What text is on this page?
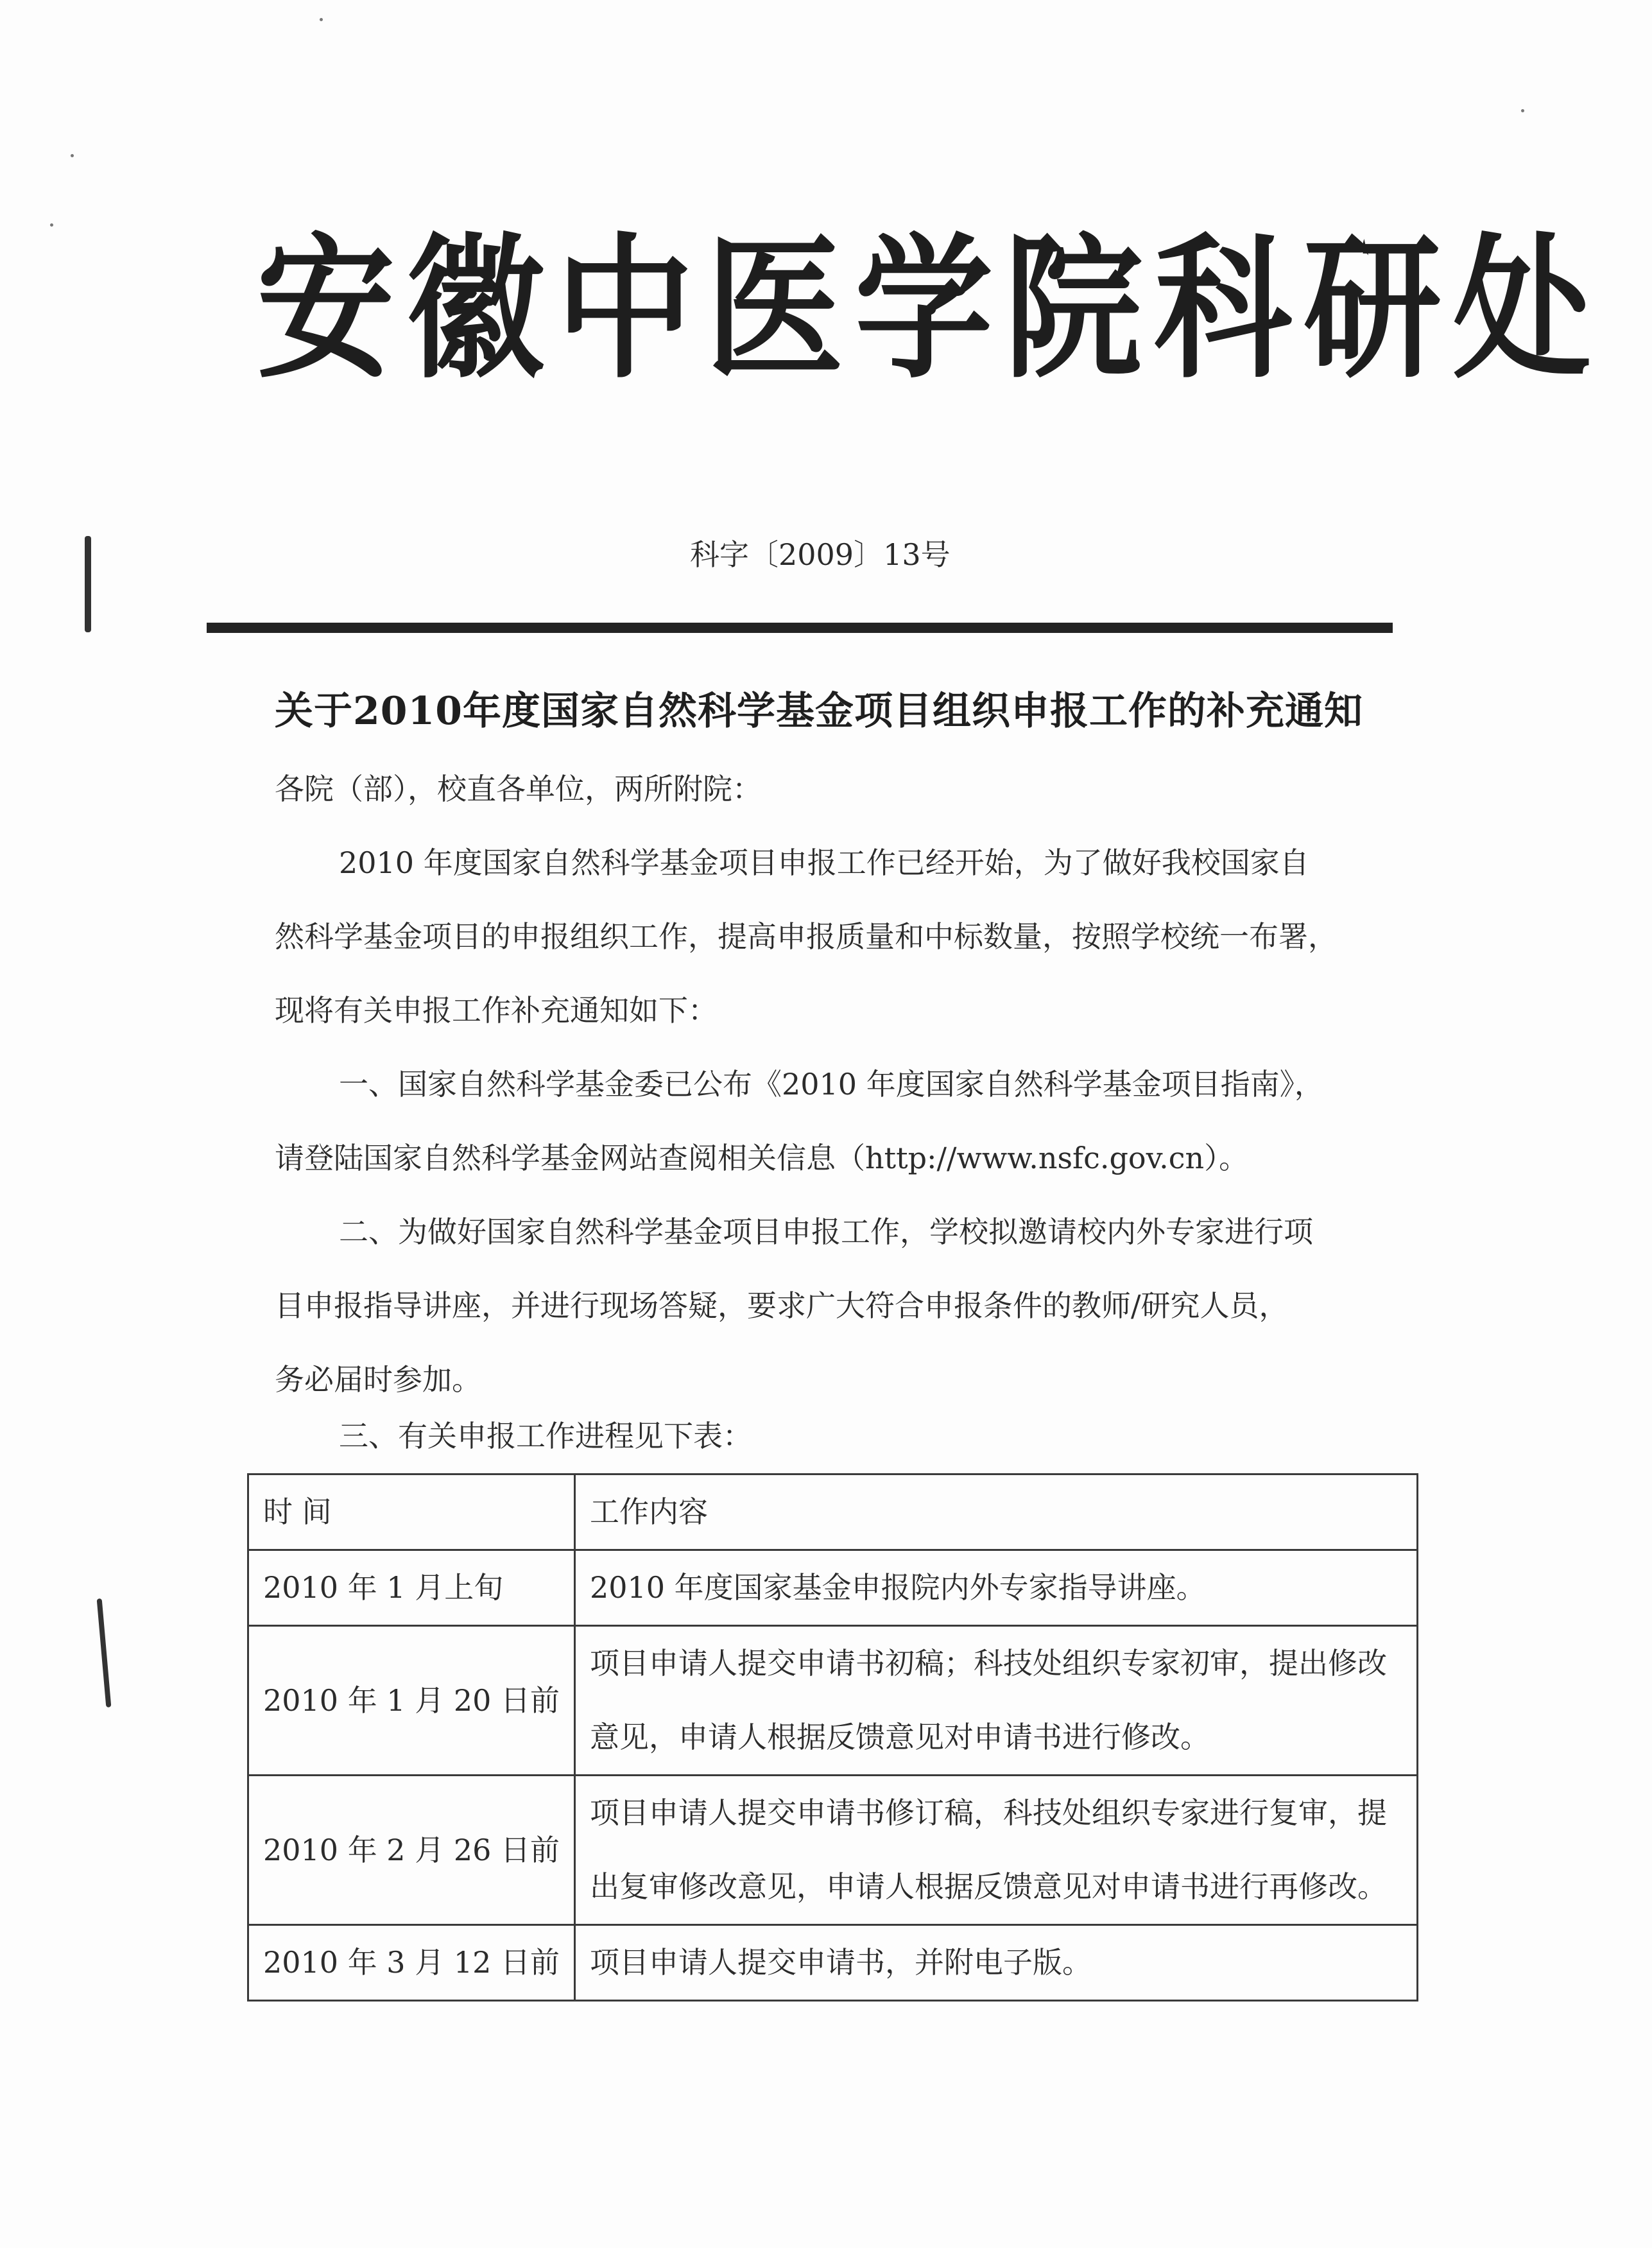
安徽中医学院科研处
科字〔2009〕13号
关于2010年度国家自然科学基金项目组织申报工作的补充通知
各院（部），校直各单位，两所附院：
2010 年度国家自然科学基金项目申报工作已经开始，为了做好我校国家自
然科学基金项目的申报组织工作，提高申报质量和中标数量，按照学校统一布署，
现将有关申报工作补充通知如下：
一、国家自然科学基金委已公布《2010 年度国家自然科学基金项目指南》，
请登陆国家自然科学基金网站查阅相关信息（http://www.nsfc.gov.cn）。
二、为做好国家自然科学基金项目申报工作，学校拟邀请校内外专家进行项
目申报指导讲座，并进行现场答疑，要求广大符合申报条件的教师/研究人员，
务必届时参加。
三、有关申报工作进程见下表：
时 间	工作内容
2010 年 1 月上旬	2010 年度国家基金申报院内外专家指导讲座。
2010 年 1 月 20 日前	项目申请人提交申请书初稿；科技处组织专家初审，提出修改意见，申请人根据反馈意见对申请书进行修改。
2010 年 2 月 26 日前	项目申请人提交申请书修订稿，科技处组织专家进行复审，提出复审修改意见，申请人根据反馈意见对申请书进行再修改。
2010 年 3 月 12 日前	项目申请人提交申请书，并附电子版。
